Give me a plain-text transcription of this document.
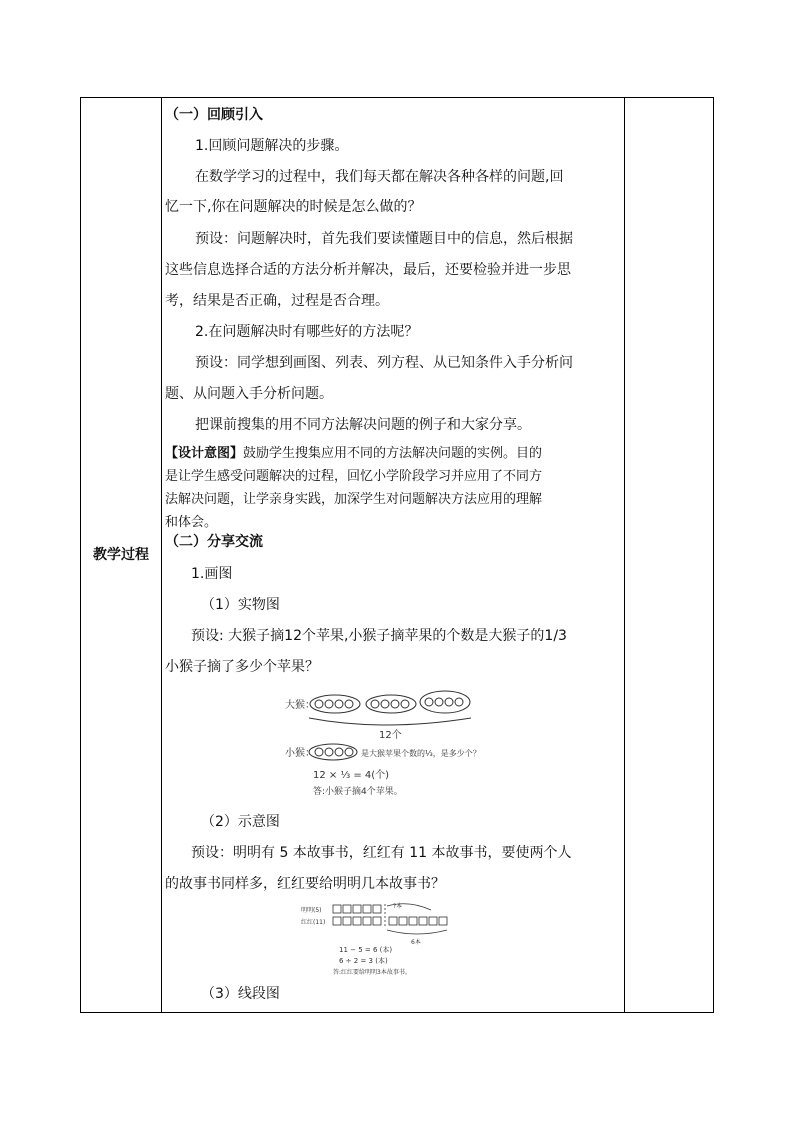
教学过程
（一）回顾引入
1.回顾问题解决的步骤。
在数学学习的过程中，我们每天都在解决各种各样的问题,回
忆一下,你在问题解决的时候是怎么做的？
预设：问题解决时，首先我们要读懂题目中的信息，然后根据
这些信息选择合适的方法分析并解决，最后，还要检验并进一步思
考，结果是否正确，过程是否合理。
2.在问题解决时有哪些好的方法呢？
预设：同学想到画图、列表、列方程、从已知条件入手分析问
题、从问题入手分析问题。
把课前搜集的用不同方法解决问题的例子和大家分享。
【设计意图】鼓励学生搜集应用不同的方法解决问题的实例。目的
是让学生感受问题解决的过程，回忆小学阶段学习并应用了不同方
法解决问题，让学亲身实践，加深学生对问题解决方法应用的理解
和体会。
（二）分享交流
1.画图
（1）实物图
预设: 大猴子摘12个苹果,小猴子摘苹果的个数是大猴子的1/3
小猴子摘了多少个苹果？
大猴：
12个
小猴：	是大猴苹果个数的⅓，是多少个？
12 × ⅓ = 4(个)
答:小猴子摘4个苹果。
（2）示意图
预设：明明有 5 本故事书，红红有 11 本故事书，要使两个人
的故事书同样多，红红要给明明几本故事书？
明明(5)
红红(11)
?本
6本
11 − 5 = 6 (本)
6 ÷ 2 = 3 (本)
答:红红要给明明3本故事书。
（3）线段图
